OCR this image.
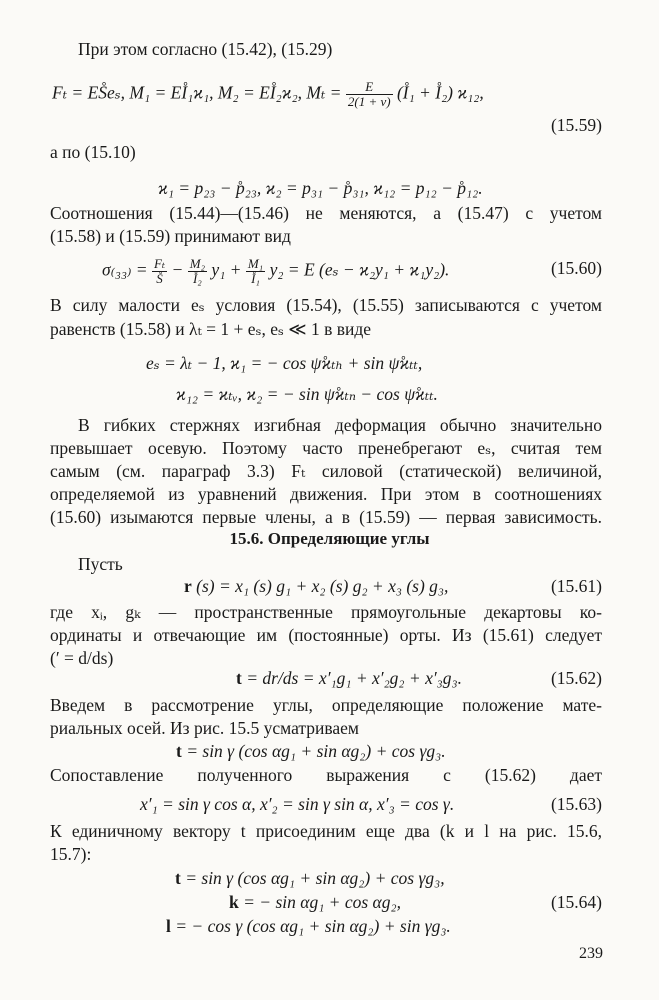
При этом согласно (15.42), (15.29)
Fₜ = ES̊eₛ, M₁ = EI̊₁ϰ₁, M₂ = EI̊₂ϰ₂, $M_t = \frac{E}{2(1 + \nu)}$ (I̊₁ + I̊₂) ϰ₁₂,
(15.59)
а по (15.10)
ϰ₁ = p₂₃ − p̊₂₃, ϰ₂ = p₃₁ − p̊₃₁, ϰ₁₂ = p₁₂ − p̊₁₂.
Соотношения (15.44)—(15.46) не меняются, а (15.47) с учетом
(15.58) и (15.59) принимают вид
$\sigma_{(33)} = \frac{\text{Fₜ}}{S̊} - \frac{\text{M₂}}{\text{I̊₂}} y_1 + \frac{\text{M₁}}{\text{I̊₁}} y_2 = E$ (eₛ − ϰ₂y₁ + ϰ₁y₂).	(15.60)
В силу малости eₛ условия (15.54), (15.55) записываются с учетом
равенств (15.58) и λₜ = 1 + eₛ, eₛ ≪ 1 в виде
eₛ = λₜ − 1, ϰ₁ = − cos ψ̊ϰₜₕ + sin ψ̊ϰₜₜ,
ϰ₁₂ = ϰₜᵥ, ϰ₂ = − sin ψ̊ϰₜₙ − cos ψ̊ϰₜₜ.
В гибких стержнях изгибная деформация обычно значительно
превышает осевую. Поэтому часто пренебрегают eₛ, считая тем
самым (см. параграф 3.3) Fₜ силовой (статической) величиной,
определяемой из уравнений движения. При этом в соотношениях
(15.60) изымаются первые члены, а в (15.59) — первая зависимость.
15.6. Определяющие углы
Пусть
r (s) = x₁ (s) g₁ + x₂ (s) g₂ + x₃ (s) g₃,	(15.61)
где xᵢ, gₖ — пространственные прямоугольные декартовы ко-
ординаты и отвечающие им (постоянные) орты. Из (15.61) следует
(′ = d/ds)
t = dr/ds = x′₁g₁ + x′₂g₂ + x′₃g₃.	(15.62)
Введем в рассмотрение углы, определяющие положение мате-
риальных осей. Из рис. 15.5 усматриваем
t = sin γ (cos αg₁ + sin αg₂) + cos γg₃.
Сопоставление полученного выражения с (15.62) дает
x′₁ = sin γ cos α, x′₂ = sin γ sin α, x′₃ = cos γ.	(15.63)
К единичному вектору t присоединим еще два (k и l на рис. 15.6,
15.7):
t = sin γ (cos αg₁ + sin αg₂) + cos γg₃,
k = − sin αg₁ + cos αg₂,	(15.64)
l = − cos γ (cos αg₁ + sin αg₂) + sin γg₃.
239
